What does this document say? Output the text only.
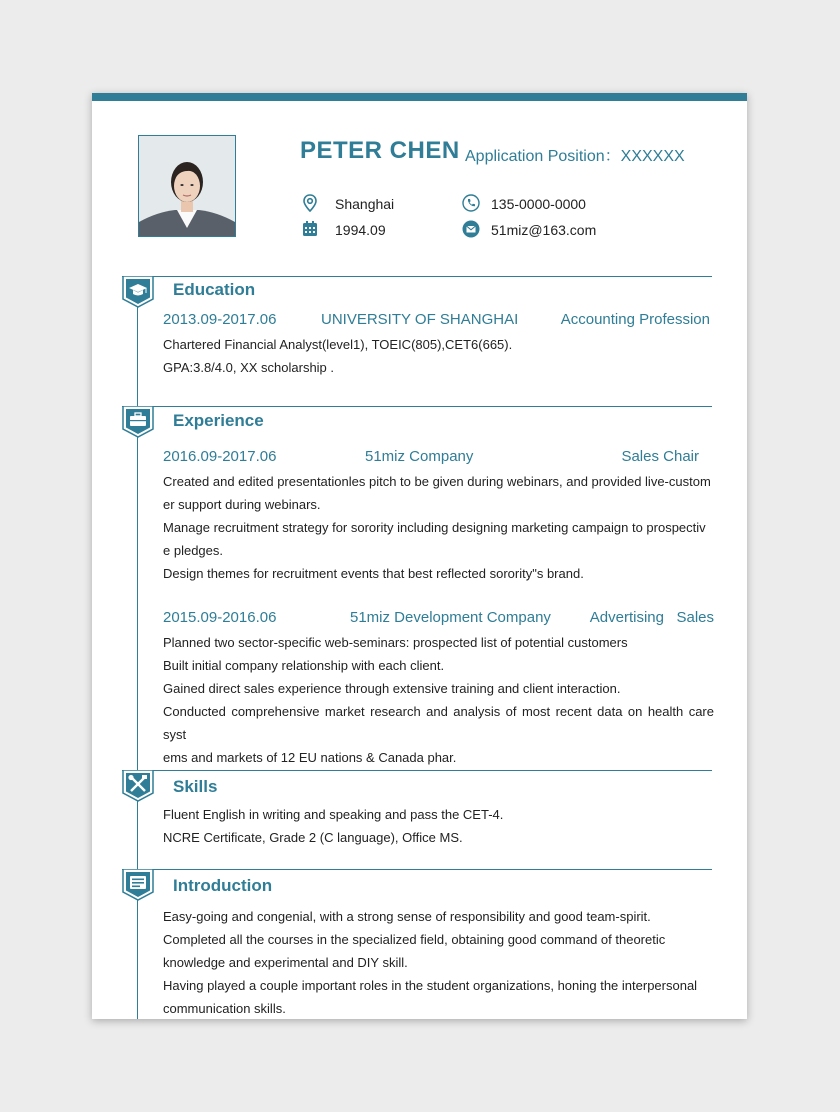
PETER CHEN Application Position：XXXXXX
Shanghai
1994.09
135-0000-0000
51miz@163.com
Education
2013.09-2017.06	UNIVERSITY OF SHANGHAI	Accounting Profession

Chartered Financial Analyst(level1), TOEIC(805),CET6(665).

GPA:3.8/4.0, XX scholarship .

Experience
2016.09-2017.06	51miz Company	Sales Chair

Created and edited presentationles pitch to be given during webinars, and provided live-custom

er support during webinars.

Manage recruitment strategy for sorority including designing marketing campaign to prospectiv

e pledges.

Design themes for recruitment events that best reflected sorority"s brand.

2015.09-2016.06	51miz Development Company	Advertising   Sales

Planned two sector-specific web-seminars: prospected list of potential customers

Built initial company relationship with each client.

Gained direct sales experience through extensive training and client interaction.

Conducted comprehensive market research and analysis of most recent data on health care syst

ems and markets of 12 EU nations & Canada phar.

Skills

Fluent English in writing and speaking and pass the CET-4.

NCRE Certificate, Grade 2 (C language), Office MS.

Introduction

Easy-going and congenial, with a strong sense of responsibility and good team-spirit.

Completed all the courses in the specialized field, obtaining good command of theoretic

knowledge and experimental and DIY skill.

Having played a couple important roles in the student organizations, honing the interpersonal

communication skills.
